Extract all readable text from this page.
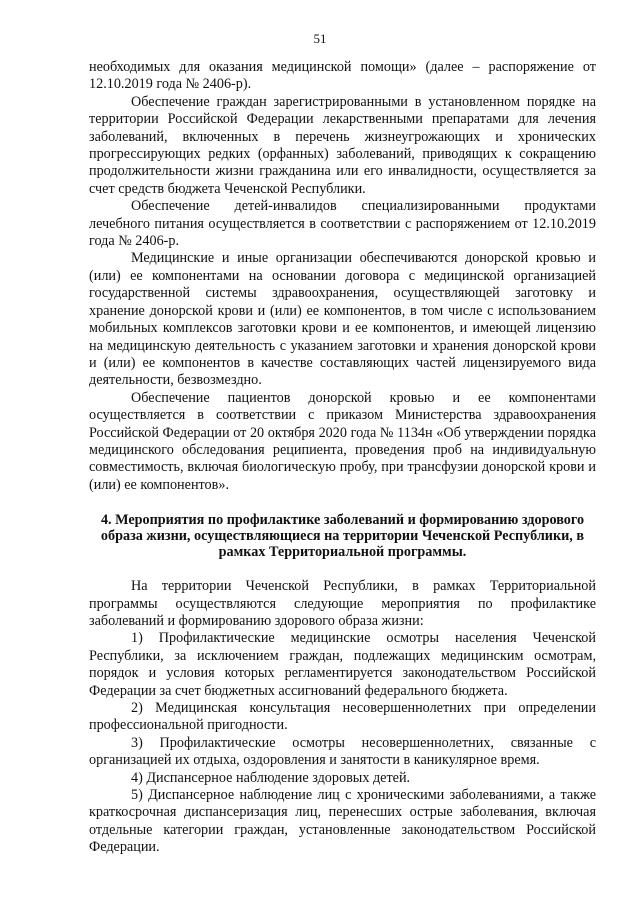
51

необходимых для оказания медицинской помощи» (далее – распоряжение от 12.10.2019 года № 2406-р).

Обеспечение граждан зарегистрированными в установленном порядке на территории Российской Федерации лекарственными препаратами для лечения заболеваний, включенных в перечень жизнеугрожающих и хронических прогрессирующих редких (орфанных) заболеваний, приводящих к сокращению продолжительности жизни гражданина или его инвалидности, осуществляется за счет средств бюджета Чеченской Республики.

Обеспечение детей-инвалидов специализированными продуктами лечебного питания осуществляется в соответствии с распоряжением от 12.10.2019 года № 2406-р.

Медицинские и иные организации обеспечиваются донорской кровью и (или) ее компонентами на основании договора с медицинской организацией государственной системы здравоохранения, осуществляющей заготовку и хранение донорской крови и (или) ее компонентов, в том числе с использованием мобильных комплексов заготовки крови и ее компонентов, и имеющей лицензию на медицинскую деятельность с указанием заготовки и хранения донорской крови и (или) ее компонентов в качестве составляющих частей лицензируемого вида деятельности, безвозмездно.

Обеспечение пациентов донорской кровью и ее компонентами осуществляется в соответствии с приказом Министерства здравоохранения Российской Федерации от 20 октября 2020 года № 1134н «Об утверждении порядка медицинского обследования реципиента, проведения проб на индивидуальную совместимость, включая биологическую пробу, при трансфузии донорской крови и (или) ее компонентов».

4. Мероприятия по профилактике заболеваний и формированию здорового образа жизни, осуществляющиеся на территории Чеченской Республики, в рамках Территориальной программы.

На территории Чеченской Республики, в рамках Территориальной программы осуществляются следующие мероприятия по профилактике заболеваний и формированию здорового образа жизни:

1) Профилактические медицинские осмотры населения Чеченской Республики, за исключением граждан, подлежащих медицинским осмотрам, порядок и условия которых регламентируется законодательством Российской Федерации за счет бюджетных ассигнований федерального бюджета.

2) Медицинская консультация несовершеннолетних при определении профессиональной пригодности.

3) Профилактические осмотры несовершеннолетних, связанные с организацией их отдыха, оздоровления и занятости в каникулярное время.

4) Диспансерное наблюдение здоровых детей.

5) Диспансерное наблюдение лиц с хроническими заболеваниями, а также краткосрочная диспансеризация лиц, перенесших острые заболевания, включая отдельные категории граждан, установленные законодательством Российской Федерации.
